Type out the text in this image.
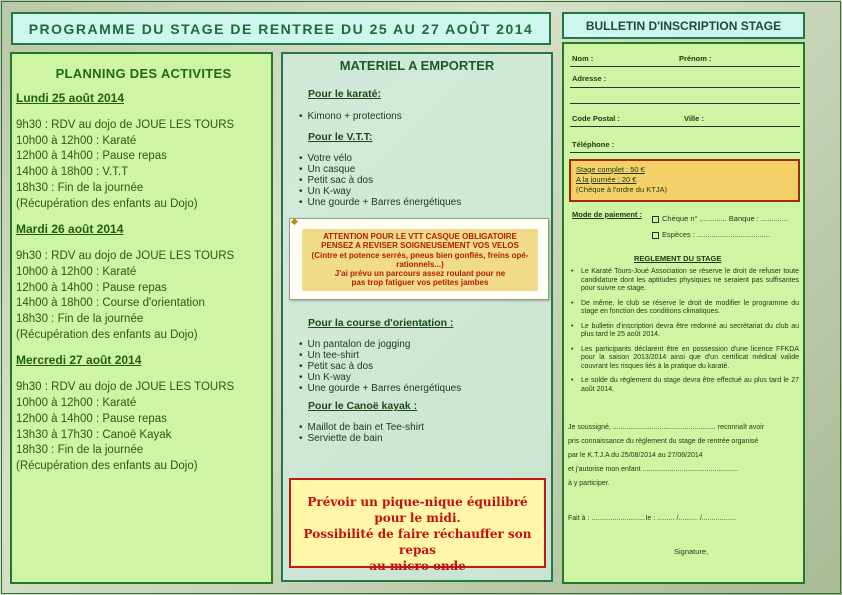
PROGRAMME DU STAGE DE RENTREE DU 25 AU 27 AOÛT 2014	BULLETIN D'INSCRIPTION STAGE
PLANNING DES ACTIVITES
Lundi 25 août 2014
9h30 : RDV au dojo de JOUE LES TOURS
10h00 à 12h00 : Karaté
12h00 à 14h00 : Pause repas
14h00 à 18h00 : V.T.T
18h30 : Fin de la journée
(Récupération des enfants au Dojo)
Mardi 26 août 2014
9h30 : RDV au dojo de JOUE LES TOURS
10h00 à 12h00 : Karaté
12h00 à 14h00 : Pause repas
14h00 à 18h00 : Course d'orientation
18h30 : Fin de la journée
(Récupération des enfants au Dojo)
Mercredi 27 août 2014
9h30 : RDV au dojo de JOUE LES TOURS
10h00 à 12h00 : Karaté
12h00 à 14h00 : Pause repas
13h30 à 17h30 : Canoë Kayak
18h30 : Fin de la journée
(Récupération des enfants au Dojo)
MATERIEL A EMPORTER
Pour le karaté:
• Kimono + protections
Pour le V.T.T:
• Votre vélo
• Un casque
• Petit sac à dos
• Un K-way
• Une gourde + Barres énergétiques
◆
ATTENTION POUR LE VTT CASQUE OBLIGATOIRE
PENSEZ A REVISER SOIGNEUSEMENT VOS VELOS
(Cintre et potence serrés, pneus bien gonflés, freins opé-
rationnels...)
J'ai prévu un parcours assez roulant pour ne
pas trop fatiguer vos petites jambes
Pour la course d'orientation :
• Un pantalon de jogging
• Un tee-shirt
• Petit sac à dos
• Un K-way
• Une gourde + Barres énergétiques
Pour le Canoë kayak :
• Maillot de bain et Tee-shirt
• Serviette de bain
Prévoir un pique-nique équilibré
pour le midi.
Possibilité de faire réchauffer son repas
au micro onde
Nom :	Prénom :
Adresse :
Code Postal :	Ville :
Téléphone :
Stage complet : 50 €
A la journée : 20 €
(Chèque à l'ordre du KTJA)
Mode de paiement :	Chèque n° ............. Banque : .............
Espèces : ...................................
REGLEMENT DU STAGE
• Le Karaté Tours-Joué Association se réserve le droit de refuser toute candidature dont les aptitudes physiques ne seraient pas suffisantes pour suivre ce stage.
• De même, le club se réserve le droit de modifier le programme du stage en fonction des conditions climatiques.
• Le bulletin d'inscription devra être redonné au secrétariat du club au plus tard le 25 août 2014.
• Les participants déclarent être en possession d'une licence FFKDA pour la saison 2013/2014 ainsi que d'un certificat médical valide couvrant les risques liés à la pratique du karaté.
• Le solde du règlement du stage devra être effectué au plus tard le 27 août 2014.
Je soussigné, ..................................................... reconnaît avoir
pris connaissance du règlement du stage de rentrée organisé
par le K.T.J.A du 25/08/2014 au 27/08/2014
et j'autorise mon enfant .................................................
à y participer.
Fait à : ............................le : ......... /.......... /..................
Signature,
